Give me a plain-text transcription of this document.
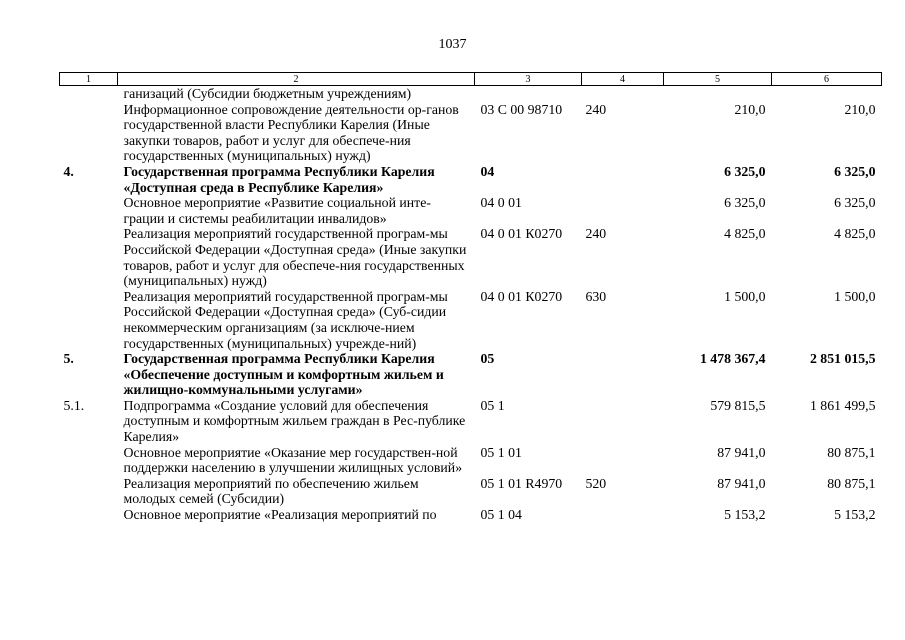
1037
1	2	3	4	5	6
	ганизаций (Субсидии бюджетным учреждениям)				
	Информационное сопровождение деятельности ор-ганов государственной власти Республики Карелия (Иные закупки товаров, работ и услуг для обеспече-ния государственных (муниципальных) нужд)	03 С 00 98710	240	210,0	210,0
4.	Государственная программа Республики Карелия «Доступная среда в Республике Карелия»	04		6 325,0	6 325,0
	Основное мероприятие «Развитие социальной инте-грации и системы реабилитации инвалидов»	04 0 01		6 325,0	6 325,0
	Реализация мероприятий государственной програм-мы Российской Федерации «Доступная среда» (Иные закупки товаров, работ и услуг для обеспече-ния государственных (муниципальных) нужд)	04 0 01 К0270	240	4 825,0	4 825,0
	Реализация мероприятий государственной програм-мы Российской Федерации «Доступная среда» (Суб-сидии некоммерческим организациям (за исключе-нием государственных (муниципальных) учрежде-ний)	04 0 01 К0270	630	1 500,0	1 500,0
5.	Государственная программа Республики Карелия «Обеспечение доступным и комфортным жильем и жилищно-коммунальными услугами»	05		1 478 367,4	2 851 015,5
5.1.	Подпрограмма «Создание условий для обеспечения доступным и комфортным жильем граждан в Рес-публике Карелия»	05 1		579 815,5	1 861 499,5
	Основное мероприятие «Оказание мер государствен-ной поддержки населению в улучшении жилищных условий»	05 1 01		87 941,0	80 875,1
	Реализация мероприятий по обеспечению жильем молодых семей (Субсидии)	05 1 01 R4970	520	87 941,0	80 875,1
	Основное мероприятие «Реализация мероприятий по	05 1 04		5 153,2	5 153,2
